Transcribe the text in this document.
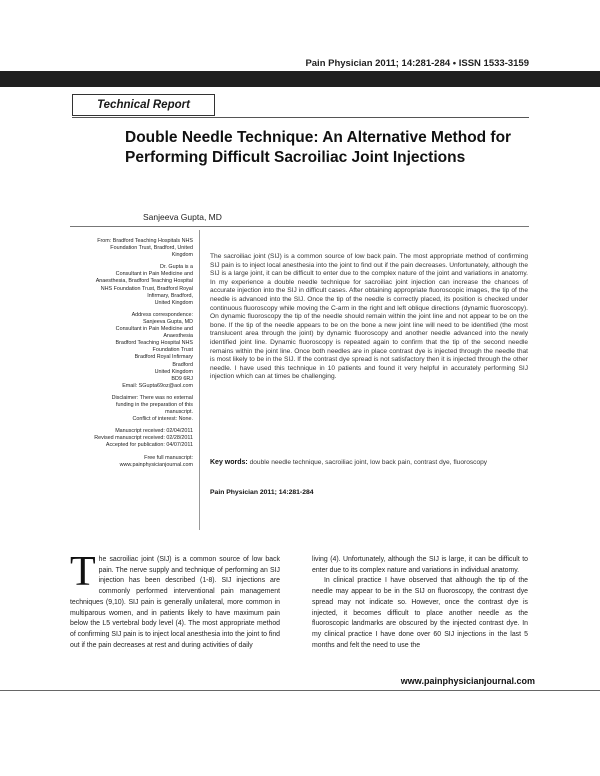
Pain Physician 2011; 14:281-284 • ISSN 1533-3159
Technical Report
Double Needle Technique: An Alternative Method for Performing Difficult Sacroiliac Joint Injections
Sanjeeva Gupta, MD
From: Bradford Teaching Hospitals NHS
Foundation Trust, Bradford, United
Kingdom
Dr. Gupta is a
Consultant in Pain Medicine and
Anaesthesia, Bradford Teaching Hospital
NHS Foundation Trust, Bradford Royal
Infirmary, Bradford,
United Kingdom
Address correspondence:
Sanjeeva Gupta, MD
Consultant in Pain Medicine and
Anaesthesia
Bradford Teaching Hospital NHS
Foundation Trust
Bradford Royal Infirmary
Bradford
United Kingdom
BD9 6RJ
Email: SGupta69oz@aol.com
Disclaimer: There was no external
funding in the preparation of this
manuscript.
Conflict of interest: None.
Manuscript received: 02/04/2011
Revised manuscript received: 02/28/2011
Accepted for publication: 04/07/2011
Free full manuscript:
www.painphysicianjournal.com
The sacroiliac joint (SIJ) is a common source of low back pain. The most appropriate method of confirming SIJ pain is to inject local anesthesia into the joint to find out if the pain decreases. Unfortunately, although the SIJ is a large joint, it can be difficult to enter due to the complex nature of the joint and variations in anatomy. In my experience a double needle technique for sacroiliac joint injection can increase the chances of accurate injection into the SIJ in difficult cases. After obtaining appropriate fluoroscopic images, the tip of the needle is advanced into the SIJ. Once the tip of the needle is correctly placed, its position is checked under continuous fluoroscopy while moving the C-arm in the right and left oblique directions (dynamic fluoroscopy). On dynamic fluoroscopy the tip of the needle should remain within the joint line and not appear to be on the bone. If the tip of the needle appears to be on the bone a new joint line will need to be identified (the most translucent area through the joint) by dynamic fluoroscopy and another needle advanced into the newly identified joint line. Dynamic fluoroscopy is repeated again to confirm that the tip of the second needle remains within the joint line. Once both needles are in place contrast dye is injected through the needle that is most likely to be in the SIJ. If the contrast dye spread is not satisfactory then it is injected through the other needle. I have used this technique in 10 patients and found it very helpful in accurately performing SIJ injection which can at times be challenging.
Key words: double needle technique, sacroiliac joint, low back pain, contrast dye, fluoroscopy
Pain Physician 2011; 14:281-284
The sacroiliac joint (SIJ) is a common source of low back pain. The nerve supply and technique of performing an SIJ injection has been described (1-8). SIJ injections are commonly performed interventional pain management techniques (9,10). SIJ pain is generally unilateral, more common in multiparous women, and in patients likely to have maximum pain below the L5 vertebral body level (4). The most appropriate method of confirming SIJ pain is to inject local anesthesia into the joint to find out if the pain decreases at rest and during activities of daily
living (4). Unfortunately, although the SIJ is large, it can be difficult to enter due to its complex nature and variations in individual anatomy.
In clinical practice I have observed that although the tip of the needle may appear to be in the SIJ on fluoroscopy, the contrast dye spread may not indicate so. However, once the contrast dye is injected, it becomes difficult to place another needle as the fluoroscopic landmarks are obscured by the injected contrast dye. In my clinical practice I have done over 60 SIJ injections in the last 5 months and felt the need to use the
www.painphysicianjournal.com
